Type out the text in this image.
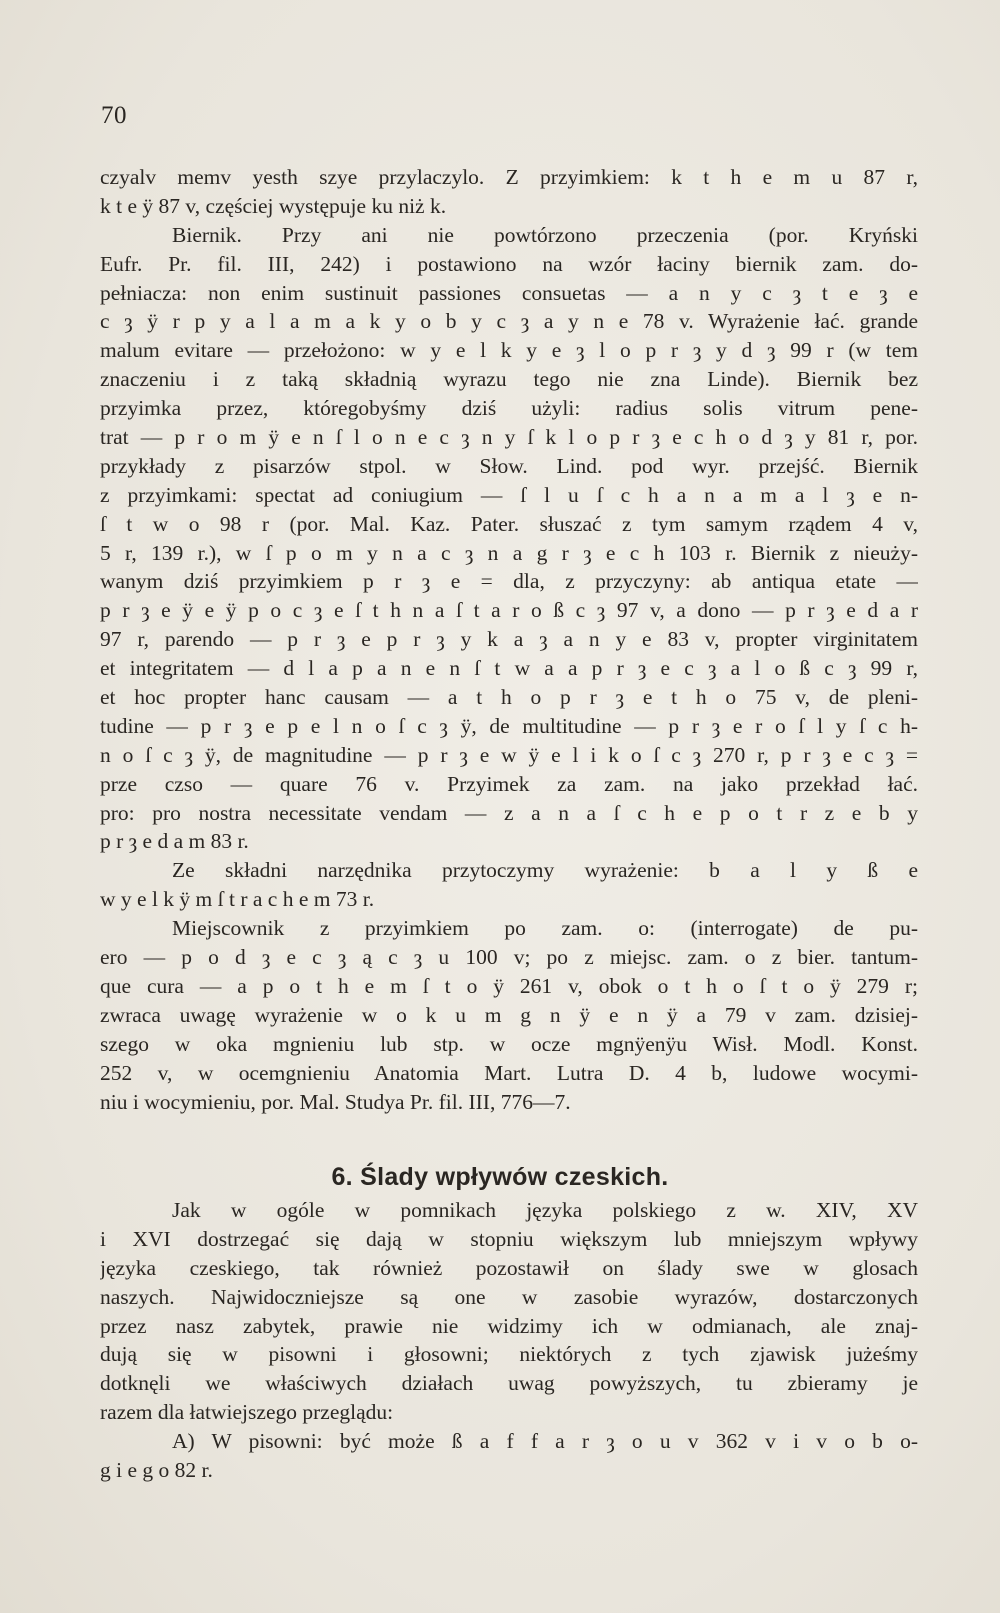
70
czyalv memv yesth szye przylaczylo. Z przyimkiem: k t h e m u 87 r,
k t e ÿ 87 v, częściej występuje ku niż k.
Biernik. Przy ani nie powtórzono przeczenia (por. Kryński
Eufr. Pr. fil. III, 242) i postawiono na wzór łaciny biernik zam. do-
pełniacza: non enim sustinuit passiones consuetas — a n y c ȝ t e ȝ e
c ȝ ÿ r p y a l a m a k y o b y c ȝ a y n e 78 v. Wyrażenie łać. grande
malum evitare — przełożono: w y e l k y e ȝ l o p r ȝ y d ȝ 99 r (w tem
znaczeniu i z taką składnią wyrazu tego nie zna Linde). Biernik bez
przyimka przez, któregobyśmy dziś użyli: radius solis vitrum pene-
trat — p r o m ÿ e n ſ l o n e c ȝ n y ſ k l o p r ȝ e c h o d ȝ y 81 r, por.
przykłady z pisarzów stpol. w Słow. Lind. pod wyr. przejść. Biernik
z przyimkami: spectat ad coniugium — ſ l u ſ c h a n a m a l ȝ e n-
ſ t w o 98 r (por. Mal. Kaz. Pater. słuszać z tym samym rządem 4 v,
5 r, 139 r.), w ſ p o m y n a c ȝ n a g r ȝ e c h 103 r. Biernik z nieuży-
wanym dziś przyimkiem p r ȝ e = dla, z przyczyny: ab antiqua etate —
p r ȝ e ÿ e ÿ p o c ȝ e ſ t h n a ſ t a r o ß c ȝ 97 v, a dono — p r ȝ e d a r
97 r, parendo — p r ȝ e p r ȝ y k a ȝ a n y e 83 v, propter virginitatem
et integritatem — d l a p a n e n ſ t w a a p r ȝ e c ȝ a l o ß c ȝ 99 r,
et hoc propter hanc causam — a t h o p r ȝ e t h o 75 v, de pleni-
tudine — p r ȝ e p e l n o ſ c ȝ ÿ, de multitudine — p r ȝ e r o ſ l y ſ c h-
n o ſ c ȝ ÿ, de magnitudine — p r ȝ e w ÿ e l i k o ſ c ȝ 270 r, p r ȝ e c ȝ =
prze czso — quare 76 v. Przyimek za zam. na jako przekład łać.
pro: pro nostra necessitate vendam — z a n a ſ c h e p o t r z e b y
p r ȝ e d a m 83 r.
Ze składni narzędnika przytoczymy wyrażenie: b a l y ß e
w y e l k ÿ m ſ t r a c h e m 73 r.
Miejscownik z przyimkiem po zam. o: (interrogate) de pu-
ero — p o d ȝ e c ȝ ą c ȝ u 100 v; po z miejsc. zam. o z bier. tantum-
que cura — a p o t h e m ſ t o ÿ 261 v, obok o t h o ſ t o ÿ 279 r;
zwraca uwagę wyrażenie w o k u m g n ÿ e n ÿ a 79 v zam. dzisiej-
szego w oka mgnieniu lub stp. w ocze mgnÿenÿu Wisł. Modl. Konst.
252 v, w ocemgnieniu Anatomia Mart. Lutra D. 4 b, ludowe wocymi-
niu i wocymieniu, por. Mal. Studya Pr. fil. III, 776—7.
6. Ślady wpływów czeskich.
Jak w ogóle w pomnikach języka polskiego z w. XIV, XV
i XVI dostrzegać się dają w stopniu większym lub mniejszym wpływy
języka czeskiego, tak również pozostawił on ślady swe w glosach
naszych. Najwidoczniejsze są one w zasobie wyrazów, dostarczonych
przez nasz zabytek, prawie nie widzimy ich w odmianach, ale znaj-
dują się w pisowni i głosowni; niektórych z tych zjawisk jużeśmy
dotknęli we właściwych działach uwag powyższych, tu zbieramy je
razem dla łatwiejszego przeglądu:
A) W pisowni: być może ß a f f a r ȝ o u v 362 v i v o b o-
g i e g o 82 r.
